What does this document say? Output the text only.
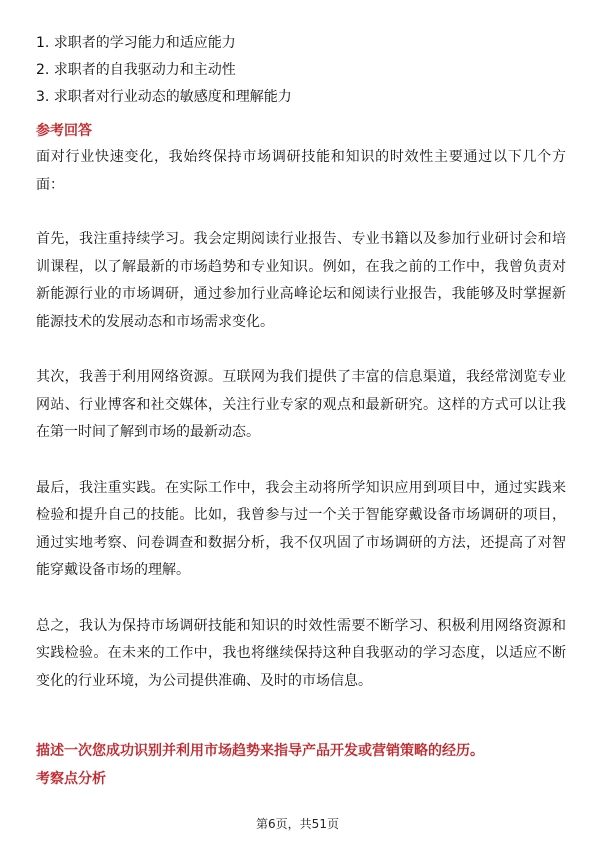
1. 求职者的学习能力和适应能力
2. 求职者的自我驱动力和主动性
3. 求职者对行业动态的敏感度和理解能力
参考回答

面对行业快速变化，我始终保持市场调研技能和知识的时效性主要通过以下几个方面：

首先，我注重持续学习。我会定期阅读行业报告、专业书籍以及参加行业研讨会和培训课程，以了解最新的市场趋势和专业知识。例如，在我之前的工作中，我曾负责对新能源行业的市场调研，通过参加行业高峰论坛和阅读行业报告，我能够及时掌握新能源技术的发展动态和市场需求变化。

其次，我善于利用网络资源。互联网为我们提供了丰富的信息渠道，我经常浏览专业网站、行业博客和社交媒体，关注行业专家的观点和最新研究。这样的方式可以让我在第一时间了解到市场的最新动态。

最后，我注重实践。在实际工作中，我会主动将所学知识应用到项目中，通过实践来检验和提升自己的技能。比如，我曾参与过一个关于智能穿戴设备市场调研的项目，通过实地考察、问卷调查和数据分析，我不仅巩固了市场调研的方法，还提高了对智能穿戴设备市场的理解。

总之，我认为保持市场调研技能和知识的时效性需要不断学习、积极利用网络资源和实践检验。在未来的工作中，我也将继续保持这种自我驱动的学习态度，以适应不断变化的行业环境，为公司提供准确、及时的市场信息。

描述一次您成功识别并利用市场趋势来指导产品开发或营销策略的经历。
考察点分析
第6页，共51页
